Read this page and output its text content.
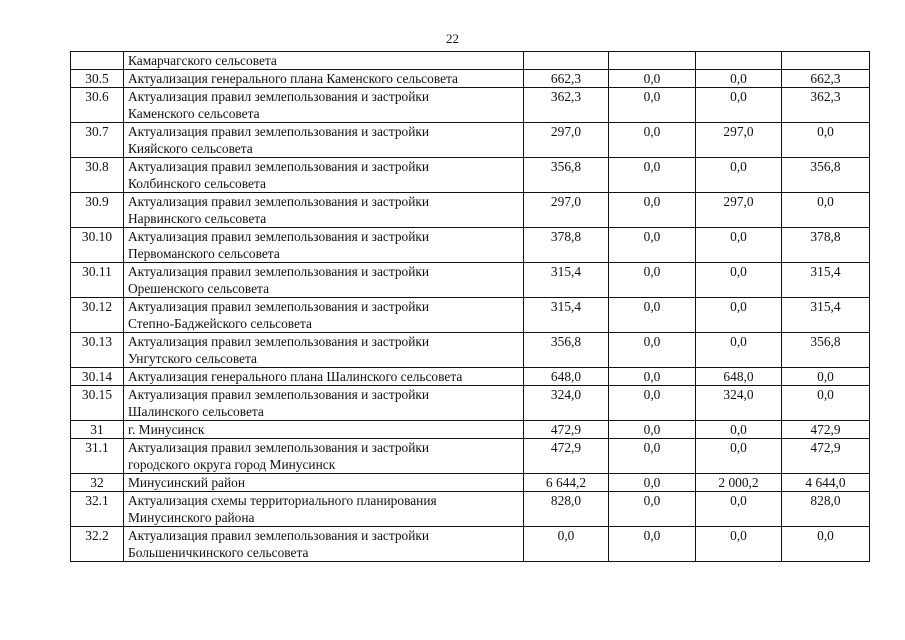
22

	Камарчагского сельсовета				

30.5	Актуализация генерального плана Каменского сельсовета	662,3	0,0	0,0	662,3
30.6	Актуализация правил землепользования и застройки
Каменского сельсовета	362,3	0,0	0,0	362,3
30.7	Актуализация правил землепользования и застройки
Кияйского сельсовета	297,0	0,0	297,0	0,0
30.8	Актуализация правил землепользования и застройки
Колбинского сельсовета	356,8	0,0	0,0	356,8
30.9	Актуализация правил землепользования и застройки
Нарвинского сельсовета	297,0	0,0	297,0	0,0
30.10	Актуализация правил землепользования и застройки
Первоманского сельсовета	378,8	0,0	0,0	378,8
30.11	Актуализация правил землепользования и застройки
Орешенского сельсовета	315,4	0,0	0,0	315,4
30.12	Актуализация правил землепользования и застройки
Степно-Баджейского сельсовета	315,4	0,0	0,0	315,4
30.13	Актуализация правил землепользования и застройки
Унгутского сельсовета	356,8	0,0	0,0	356,8
30.14	Актуализация генерального плана Шалинского сельсовета	648,0	0,0	648,0	0,0
30.15	Актуализация правил землепользования и застройки
Шалинского сельсовета	324,0	0,0	324,0	0,0
31	г. Минусинск	472,9	0,0	0,0	472,9
31.1	Актуализация правил землепользования и застройки
городского округа город Минусинск	472,9	0,0	0,0	472,9
32	Минусинский район	6 644,2	0,0	2 000,2	4 644,0
32.1	Актуализация схемы территориального планирования
Минусинского района	828,0	0,0	0,0	828,0
32.2	Актуализация правил землепользования и застройки
Большеничкинского сельсовета	0,0	0,0	0,0	0,0
